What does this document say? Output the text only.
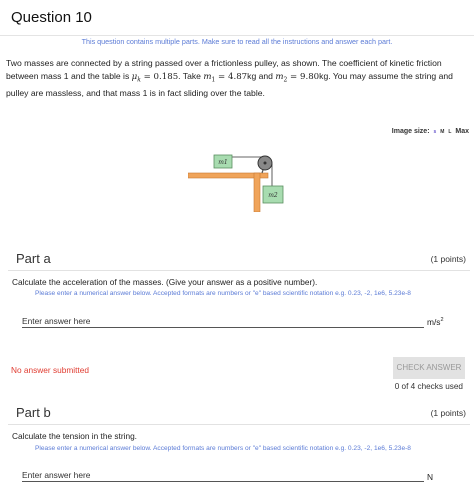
Question 10
This question contains multiple parts. Make sure to read all the instructions and answer each part.
Two masses are connected by a string passed over a frictionless pulley, as shown. The coefficient of kinetic friction between mass 1 and the table is $\mu_k = 0.185$. Take $m_1 = 4.87kg$ and $m_2 = 9.80kg$. You may assume the string and pulley are massless, and that mass 1 is in fact sliding over the table.
Image size: s M L Max
m1
m2
Part a	(1 points)
Calculate the acceleration of the masses. (Give your answer as a positive number).
Please enter a numerical answer below. Accepted formats are numbers or "e" based scientific notation e.g. 0.23, -2, 1e6, 5.23e-8
Enter answer here
$m/s^2$
No answer submitted	CHECK ANSWER
0 of 4 checks used
Part b	(1 points)
Calculate the tension in the string.
Please enter a numerical answer below. Accepted formats are numbers or "e" based scientific notation e.g. 0.23, -2, 1e6, 5.23e-8
Enter answer here
N
